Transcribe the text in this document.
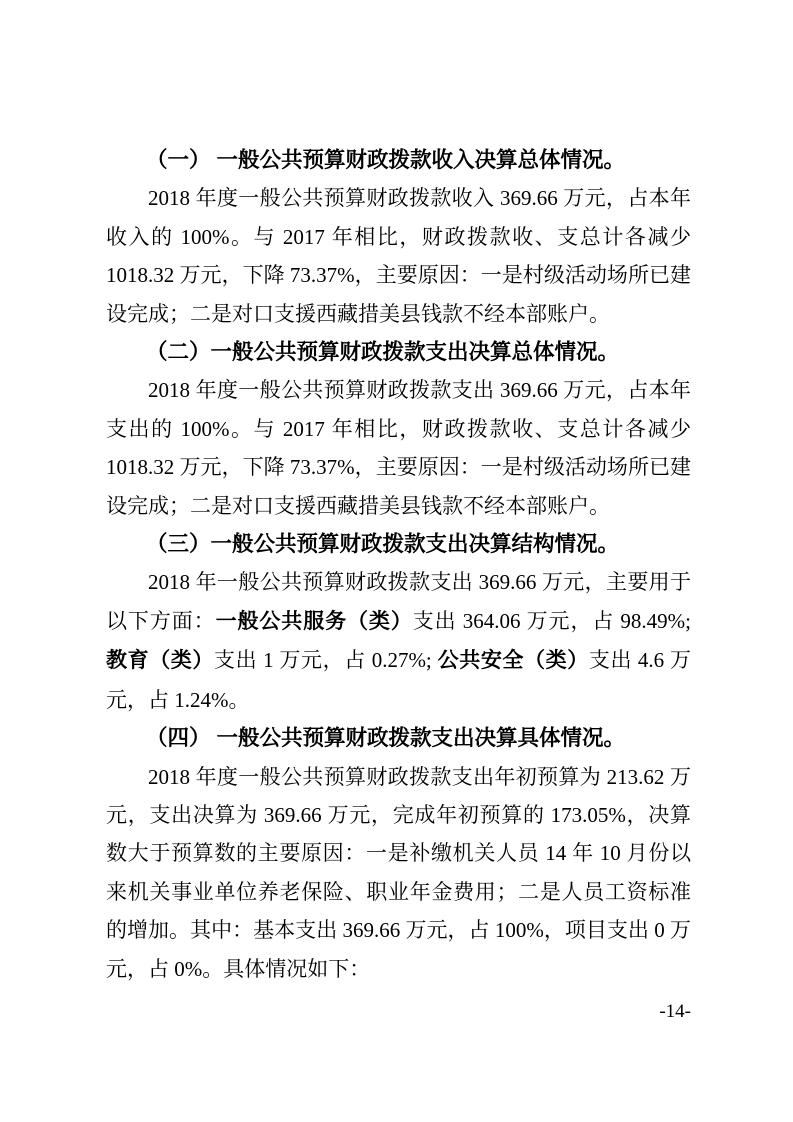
（一） 一般公共预算财政拨款收入决算总体情况。

2018 年度一般公共预算财政拨款收入 369.66 万元，占本年收入的 100%。与 2017 年相比，财政拨款收、支总计各减少 1018.32 万元，下降 73.37%，主要原因：一是村级活动场所已建设完成；二是对口支援西藏措美县钱款不经本部账户。

（二）一般公共预算财政拨款支出决算总体情况。

2018 年度一般公共预算财政拨款支出 369.66 万元，占本年支出的 100%。与 2017 年相比，财政拨款收、支总计各减少 1018.32 万元，下降 73.37%，主要原因：一是村级活动场所已建设完成；二是对口支援西藏措美县钱款不经本部账户。

（三）一般公共预算财政拨款支出决算结构情况。

2018 年一般公共预算财政拨款支出 369.66 万元，主要用于以下方面：一般公共服务（类）支出 364.06 万元，占 98.49%;教育（类）支出 1 万元，占 0.27%; 公共安全（类）支出 4.6 万元，占 1.24%。

（四） 一般公共预算财政拨款支出决算具体情况。

2018 年度一般公共预算财政拨款支出年初预算为 213.62 万元，支出决算为 369.66 万元，完成年初预算的 173.05%，决算数大于预算数的主要原因：一是补缴机关人员 14 年 10 月份以来机关事业单位养老保险、职业年金费用；二是人员工资标准的增加。其中：基本支出 369.66 万元，占 100%，项目支出 0 万元，占 0%。具体情况如下：

-14-
